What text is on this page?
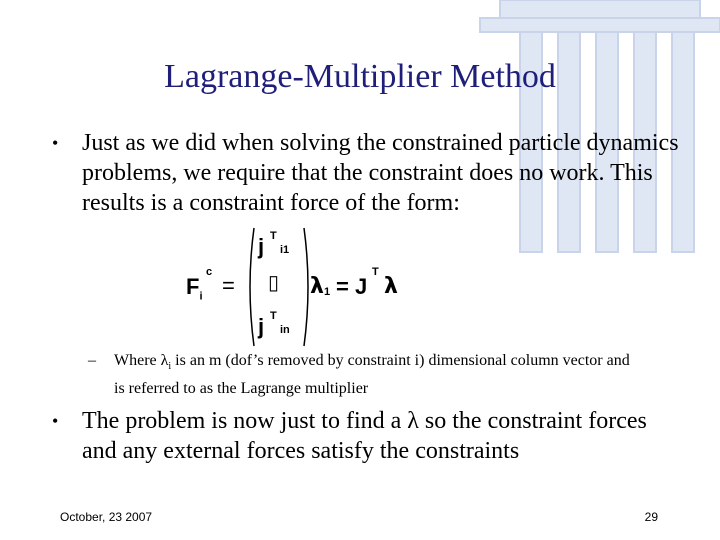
Lagrange-Multiplier Method
• Just as we did when solving the constrained particle dynamics problems, we require that the constraint does no work. This results is a constraint force of the form:
$F_i$
c
=
j T
i1
▯
j T
in
λ 1 = J
T
λ
– Where $\lambda_i$ is an m (dof’s removed by constraint i) dimensional column vector and is referred to as the Lagrange multiplier
• The problem is now just to find a λ so the constraint forces and any external forces satisfy the constraints
October, 23 2007	29
